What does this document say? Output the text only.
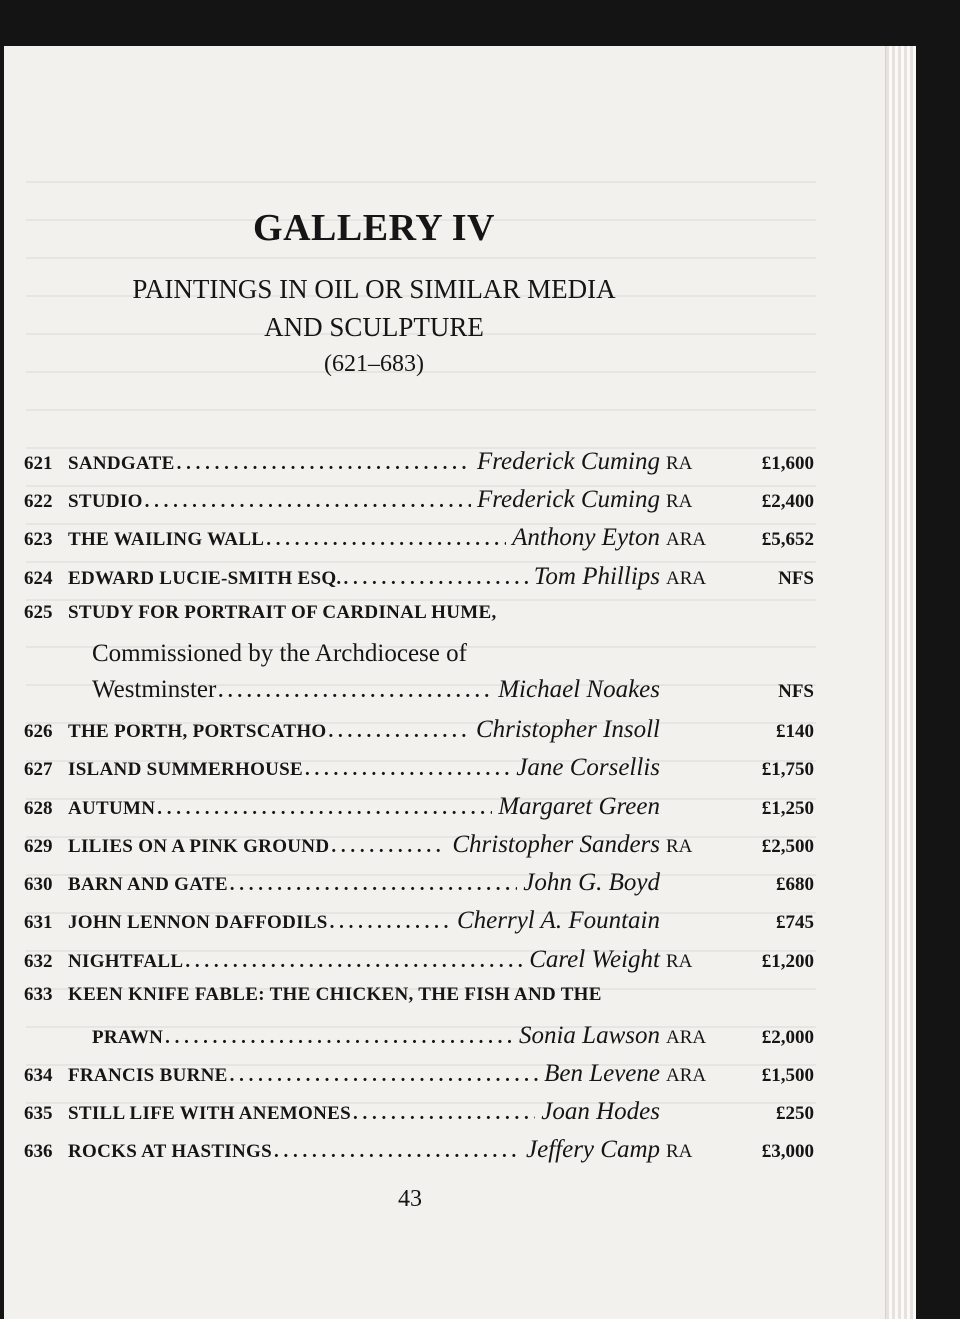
GALLERY IV
PAINTINGS IN OIL OR SIMILAR MEDIA
AND SCULPTURE
(621–683)
621 SANDGATE . . .	Frederick Cuming RA	£1,600
622 STUDIO . . .	Frederick Cuming RA	£2,400
623 THE WAILING WALL . . .	Anthony Eyton ARA	£5,652
624 EDWARD LUCIE-SMITH ESQ. . . .	Tom Phillips ARA	NFS
625 STUDY FOR PORTRAIT OF CARDINAL HUME,
Commissioned by the Archdiocese of
Westminster . . .	Michael Noakes	NFS
626 THE PORTH, PORTSCATHO . . .	Christopher Insoll	£140
627 ISLAND SUMMERHOUSE . . .	Jane Corsellis	£1,750
628 AUTUMN . . .	Margaret Green	£1,250
629 LILIES ON A PINK GROUND . . .	Christopher Sanders RA	£2,500
630 BARN AND GATE . . .	John G. Boyd	£680
631 JOHN LENNON DAFFODILS . . .	Cherryl A. Fountain	£745
632 NIGHTFALL . . .	Carel Weight RA	£1,200
633 KEEN KNIFE FABLE: THE CHICKEN, THE FISH AND THE
PRAWN . . .	Sonia Lawson ARA	£2,000
634 FRANCIS BURNE . . .	Ben Levene ARA	£1,500
635 STILL LIFE WITH ANEMONES . . .	Joan Hodes	£250
636 ROCKS AT HASTINGS . . .	Jeffery Camp RA	£3,000
43
